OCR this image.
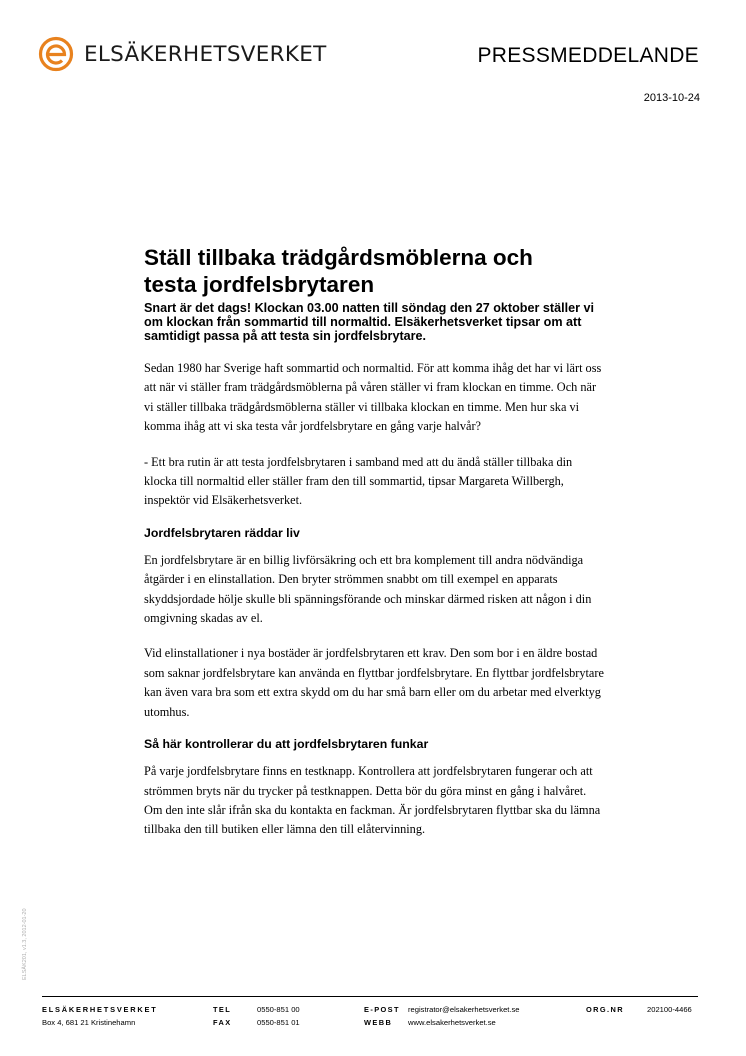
ELSÄKERHETSVERKET	PRESSMEDDELANDE
2013-10-24
Ställ tillbaka trädgårdsmöblerna och
testa jordfelsbrytaren

Snart är det dags! Klockan 03.00 natten till söndag den 27 oktober ställer vi om klockan från sommartid till normaltid. Elsäkerhetsverket tipsar om att samtidigt passa på att testa sin jordfelsbrytare.

Sedan 1980 har Sverige haft sommartid och normaltid. För att komma ihåg det har vi lärt oss att när vi ställer fram trädgårdsmöblerna på våren ställer vi fram klockan en timme. Och när vi ställer tillbaka trädgårdsmöblerna ställer vi tillbaka klockan en timme. Men hur ska vi komma ihåg att vi ska testa vår jordfelsbrytare en gång varje halvår?

- Ett bra rutin är att testa jordfelsbrytaren i samband med att du ändå ställer tillbaka din klocka till normaltid eller ställer fram den till sommartid, tipsar Margareta Willbergh, inspektör vid Elsäkerhetsverket.

Jordfelsbrytaren räddar liv

En jordfelsbrytare är en billig livförsäkring och ett bra komplement till andra nödvändiga åtgärder i en elinstallation. Den bryter strömmen snabbt om till exempel en apparats skyddsjordade hölje skulle bli spänningsförande och minskar därmed risken att någon i din omgivning skadas av el.

Vid elinstallationer i nya bostäder är jordfelsbrytaren ett krav. Den som bor i en äldre bostad som saknar jordfelsbrytare kan använda en flyttbar jordfelsbrytare. En flyttbar jordfelsbrytare kan även vara bra som ett extra skydd om du har små barn eller om du arbetar med elverktyg utomhus.

Så här kontrollerar du att jordfelsbrytaren funkar

På varje jordfelsbrytare finns en testknapp. Kontrollera att jordfelsbrytaren fungerar och att strömmen bryts när du trycker på testknappen. Detta bör du göra minst en gång i halvåret. Om den inte slår ifrån ska du kontakta en fackman. Är jordfelsbrytaren flyttbar ska du lämna tillbaka den till butiken eller lämna den till elåtervinning.

ELSÄK201, v1.3, 2012-01-20
ELSÄKERHETSVERKET
Box 4, 681 21 Kristinehamn
TEL	0550-851 00
FAX	0550-851 01
E-POST registrator@elsakerhetsverket.se
WEBB www.elsakerhetsverket.se
ORG.NR	202100-4466
